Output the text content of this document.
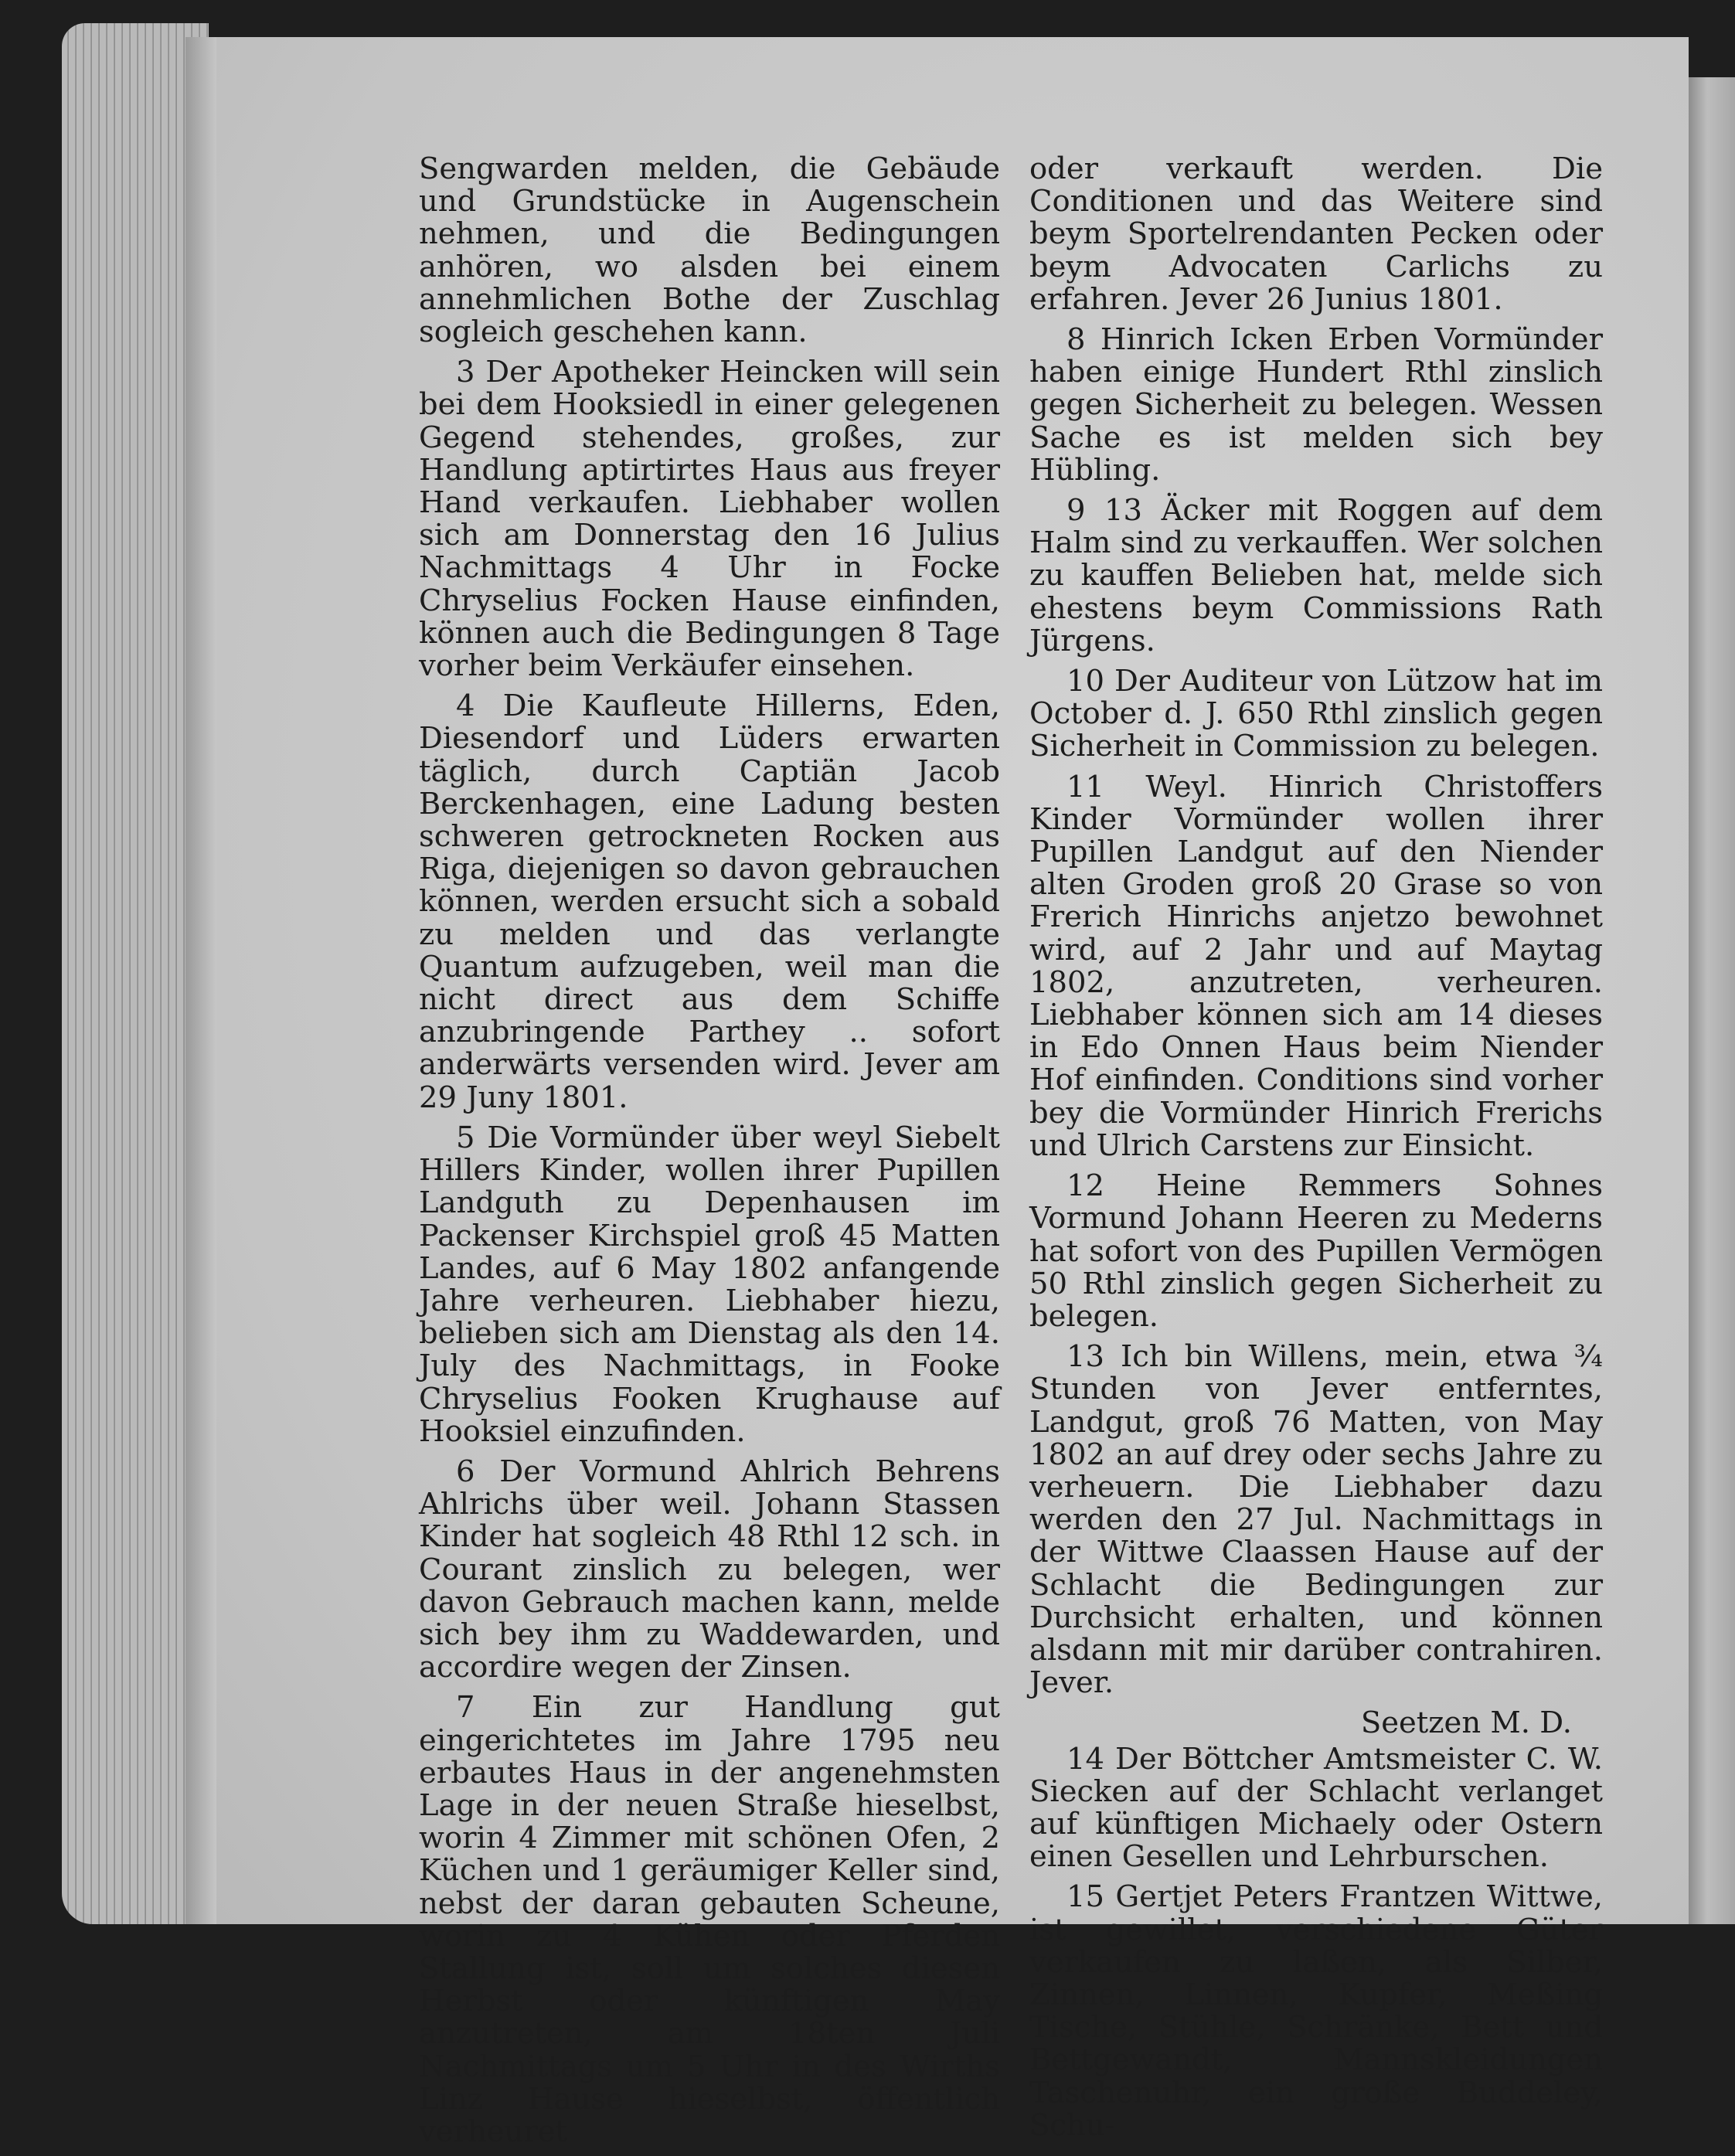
Sengwarden melden, die Gebäude und Grundstücke in Augenschein nehmen, und die Bedingungen anhören, wo alsden bei einem annehmlichen Bothe der Zuschlag sogleich geschehen kann.

3 Der Apotheker Heincken will sein bei dem Hooksiedl in einer gelegenen Gegend stehendes, großes, zur Handlung aptirtirtes Haus aus freyer Hand verkaufen. Liebhaber wollen sich am Donnerstag den 16 Julius Nachmittags 4 Uhr in Focke Chryselius Focken Hause einfinden, können auch die Bedingungen 8 Tage vorher beim Verkäufer einsehen.

4 Die Kaufleute Hillerns, Eden, Diesendorf und Lüders erwarten täglich, durch Captiän Jacob Berckenhagen, eine Ladung besten schweren getrockneten Rocken aus Riga, diejenigen so davon gebrauchen können, werden ersucht sich a sobald zu melden und das verlangte Quantum aufzugeben, weil man die nicht direct aus dem Schiffe anzubringende Parthey .. sofort anderwärts versenden wird. Jever am 29 Juny 1801.

5 Die Vormünder über weyl Siebelt Hillers Kinder, wollen ihrer Pupillen Landguth zu Depenhausen im Packenser Kirchspiel groß 45 Matten Landes, auf 6 May 1802 anfangende Jahre verheuren. Liebhaber hiezu, belieben sich am Dienstag als den 14. July des Nachmittags, in Fooke Chryselius Fooken Krughause auf Hooksiel einzufinden.

6 Der Vormund Ahlrich Behrens Ahlrichs über weil. Johann Stassen Kinder hat sogleich 48 Rthl 12 sch. in Courant zinslich zu belegen, wer davon Gebrauch machen kann, melde sich bey ihm zu Waddewarden, und accordire wegen der Zinsen.

7 Ein zur Handlung gut eingerichtetes im Jahre 1795 neu erbautes Haus in der angenehmsten Lage in der neuen Straße hieselbst, worin 4 Zimmer mit schönen Ofen, 2 Küchen und 1 geräumiger Keller sind, nebst der daran gebauten Scheune, worin zu 4 Kühen oder Pferden Stallung ist, soll um solches diesen Herbst oder künftigen May anzutreten, am 18ten Juli Nachmittags um 5 Uhr in des Wirths Linz Hause hieselbst, öffentlich verheuret

oder verkauft werden. Die Conditionen und das Weitere sind beym Sportelrendanten Pecken oder beym Advocaten Carlichs zu erfahren. Jever 26 Junius 1801.

8 Hinrich Icken Erben Vormünder haben einige Hundert Rthl zinslich gegen Sicherheit zu belegen. Wessen Sache es ist melden sich bey Hübling.

9 13 Äcker mit Roggen auf dem Halm sind zu verkauffen. Wer solchen zu kauffen Belieben hat, melde sich ehestens beym Commissions Rath Jürgens.

10 Der Auditeur von Lützow hat im October d. J. 650 Rthl zinslich gegen Sicherheit in Commission zu belegen.

11 Weyl. Hinrich Christoffers Kinder Vormünder wollen ihrer Pupillen Landgut auf den Niender alten Groden groß 20 Grase so von Frerich Hinrichs anjetzo bewohnet wird, auf 2 Jahr und auf Maytag 1802, anzutreten, verheuren. Liebhaber können sich am 14 dieses in Edo Onnen Haus beim Niender Hof einfinden. Conditions sind vorher bey die Vormünder Hinrich Frerichs und Ulrich Carstens zur Einsicht.

12 Heine Remmers Sohnes Vormund Johann Heeren zu Mederns hat sofort von des Pupillen Vermögen 50 Rthl zinslich gegen Sicherheit zu belegen.

13 Ich bin Willens, mein, etwa ¾ Stunden von Jever entferntes, Landgut, groß 76 Matten, von May 1802 an auf drey oder sechs Jahre zu verheuern. Die Liebhaber dazu werden den 27 Jul. Nachmittags in der Wittwe Claassen Hause auf der Schlacht die Bedingungen zur Durchsicht erhalten, und können alsdann mit mir darüber contrahiren. Jever.

Seetzen M. D.

14 Der Böttcher Amtsmeister C. W. Siecken auf der Schlacht verlanget auf künftigen Michaely oder Ostern einen Gesellen und Lehrburschen.

15 Gertjet Peters Frantzen Wittwe, ist gewillet, verschiedene Güter verkaufen zu laßen, als Silber, Zinnen, Linnen, Kupfer, Meßing Tische, Stühle, Schränke, Bett und Bettgewandt, Mannskleidungen Taschenuhr, ein große Buddeley, Schu-
